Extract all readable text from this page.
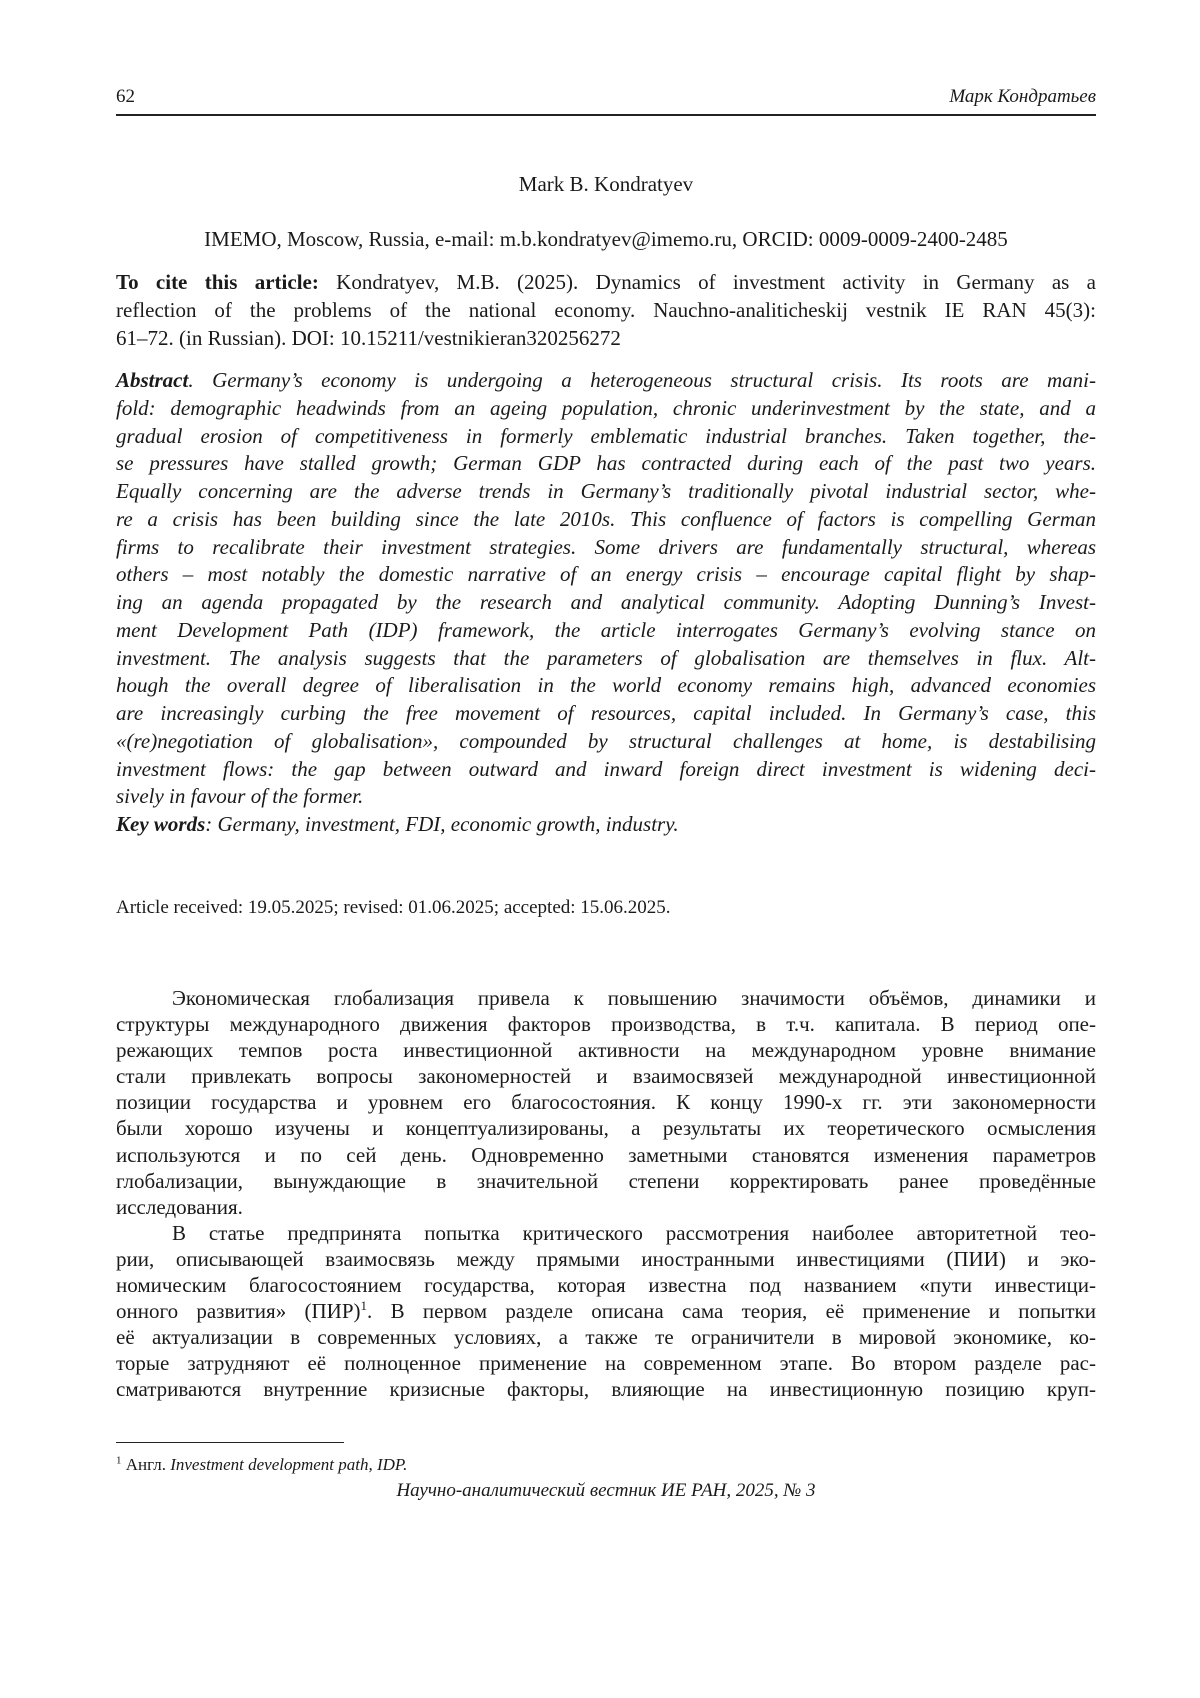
62	Марк Кондратьев
Mark B. Kondratyev
IMEMO, Moscow, Russia, e-mail: m.b.kondratyev@imemo.ru, ORCID: 0009-0009-2400-2485
To cite this article: Kondratyev, M.B. (2025). Dynamics of investment activity in Germany as a
reflection of the problems of the national economy. Nauchno-analiticheskij vestnik IE RAN 45(3):
61–72. (in Russian). DOI: 10.15211/vestnikieran320256272
Abstract. Germany’s economy is undergoing a heterogeneous structural crisis. Its roots are mani-
fold: demographic headwinds from an ageing population, chronic underinvestment by the state, and a
gradual erosion of competitiveness in formerly emblematic industrial branches. Taken together, the-
se pressures have stalled growth; German GDP has contracted during each of the past two years.
Equally concerning are the adverse trends in Germany’s traditionally pivotal industrial sector, whe-
re a crisis has been building since the late 2010s. This confluence of factors is compelling German
firms to recalibrate their investment strategies. Some drivers are fundamentally structural, whereas
others – most notably the domestic narrative of an energy crisis – encourage capital flight by shap-
ing an agenda propagated by the research and analytical community. Adopting Dunning’s Invest-
ment Development Path (IDP) framework, the article interrogates Germany’s evolving stance on
investment. The analysis suggests that the parameters of globalisation are themselves in flux. Alt-
hough the overall degree of liberalisation in the world economy remains high, advanced economies
are increasingly curbing the free movement of resources, capital included. In Germany’s case, this
«(re)negotiation of globalisation», compounded by structural challenges at home, is destabilising
investment flows: the gap between outward and inward foreign direct investment is widening deci-
sively in favour of the former.
Key words: Germany, investment, FDI, economic growth, industry.
Article received: 19.05.2025; revised: 01.06.2025; accepted: 15.06.2025.
Экономическая глобализация привела к повышению значимости объёмов, динамики и
структуры международного движения факторов производства, в т.ч. капитала. В период опе-
режающих темпов роста инвестиционной активности на международном уровне внимание
стали привлекать вопросы закономерностей и взаимосвязей международной инвестиционной
позиции государства и уровнем его благосостояния. К концу 1990-х гг. эти закономерности
были хорошо изучены и концептуализированы, а результаты их теоретического осмысления
используются и по сей день. Одновременно заметными становятся изменения параметров
глобализации, вынуждающие в значительной степени корректировать ранее проведённые
исследования.
В статье предпринята попытка критического рассмотрения наиболее авторитетной тео-
рии, описывающей взаимосвязь между прямыми иностранными инвестициями (ПИИ) и эко-
номическим благосостоянием государства, которая известна под названием «пути инвестици-
онного развития» (ПИР)$^1$. В первом разделе описана сама теория, её применение и попытки
её актуализации в современных условиях, а также те ограничители в мировой экономике, ко-
торые затрудняют её полноценное применение на современном этапе. Во втором разделе рас-
сматриваются внутренние кризисные факторы, влияющие на инвестиционную позицию круп-
$^1$ Англ. Investment development path, IDP.
Научно-аналитический вестник ИЕ РАН, 2025, № 3
